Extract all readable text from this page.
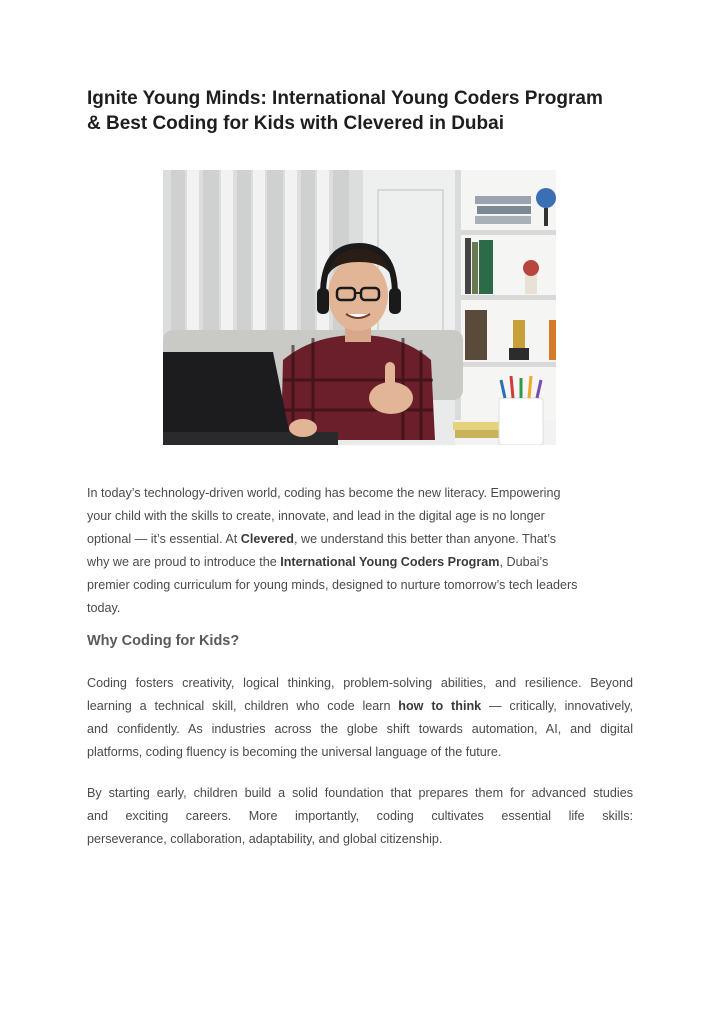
Ignite Young Minds: International Young Coders Program
& Best Coding for Kids with Clevered in Dubai
In today’s technology-driven world, coding has become the new literacy. Empowering
your child with the skills to create, innovate, and lead in the digital age is no longer
optional — it’s essential. At Clevered, we understand this better than anyone. That’s
why we are proud to introduce the International Young Coders Program, Dubai’s
premier coding curriculum for young minds, designed to nurture tomorrow’s tech leaders
today.
Why Coding for Kids?
Coding fosters creativity, logical thinking, problem-solving abilities, and resilience. Beyond
learning a technical skill, children who code learn how to think — critically, innovatively,
and confidently. As industries across the globe shift towards automation, AI, and digital
platforms, coding fluency is becoming the universal language of the future.
By starting early, children build a solid foundation that prepares them for advanced studies
and exciting careers. More importantly, coding cultivates essential life skills:
perseverance, collaboration, adaptability, and global citizenship.
